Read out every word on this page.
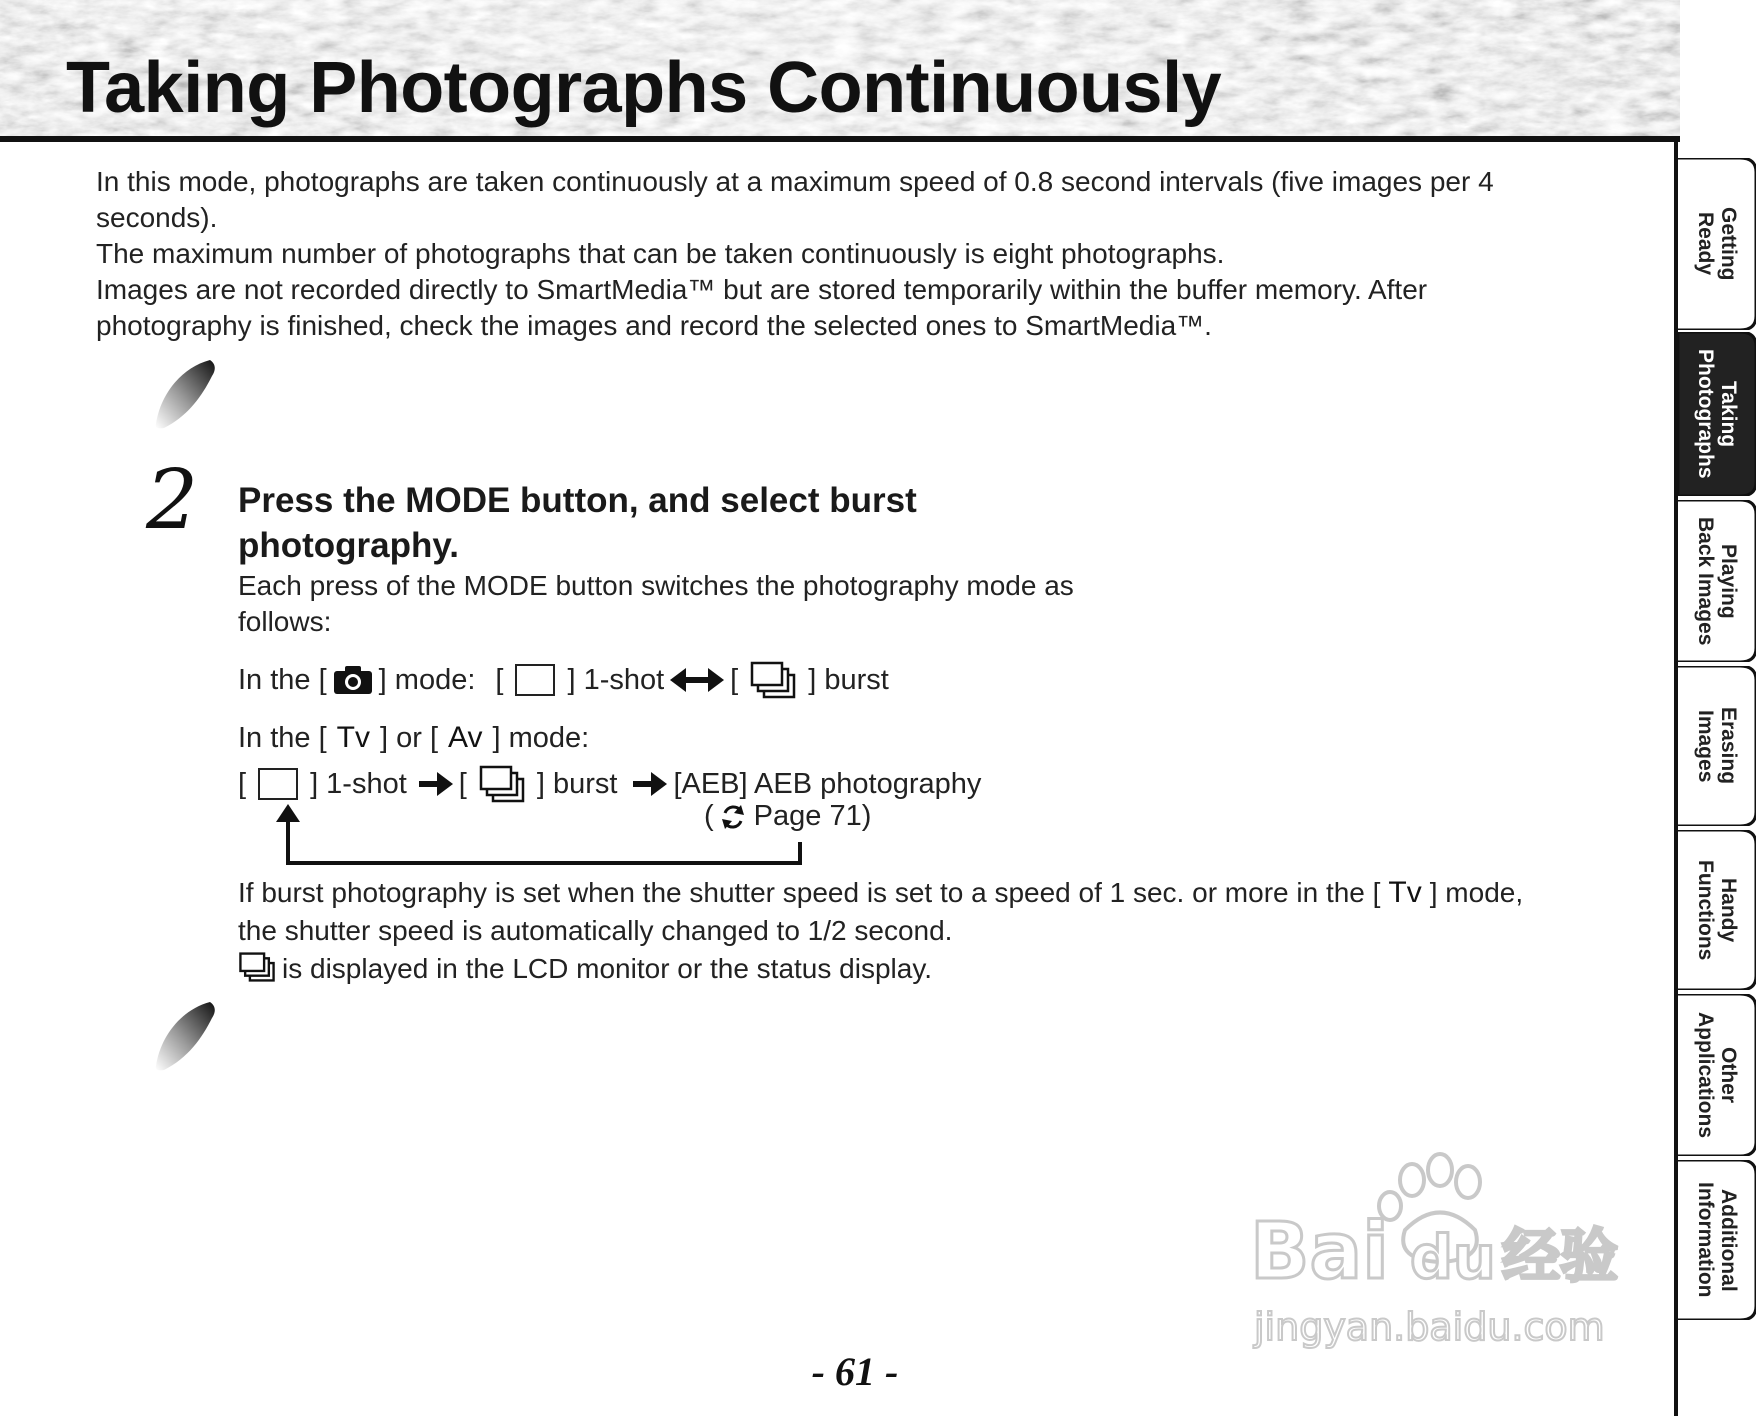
Taking Photographs Continuously
In this mode, photographs are taken continuously at a maximum speed of 0.8 second intervals (five images per 4
seconds).
The maximum number of photographs that can be taken continuously is eight photographs.
Images are not recorded directly to SmartMedia™ but are stored temporarily within the buffer memory. After
photography is finished, check the images and record the selected ones to SmartMedia™.
2 Press the MODE button, and select burst photography.

Each press of the MODE button switches the photography mode as follows:

In the [ ] mode: [ ] 1-shot [ ] burst
In the [ Tv ] or [ Av ] mode:
[ ] 1-shot [ ] burst [AEB] AEB photography
( Page 71)
If burst photography is set when the shutter speed is set to a speed of 1 sec. or more in the [ Tv ] mode,
the shutter speed is automatically changed to 1/2 second.
is displayed in the LCD monitor or the status display.
Bai du 经验
jingyan.baidu.com

- 61 -

Getting
Ready
Taking
Photographs
Playing
Back Images
Erasing
Images
Handy
Functions
Other
Applications
Additional
Information
